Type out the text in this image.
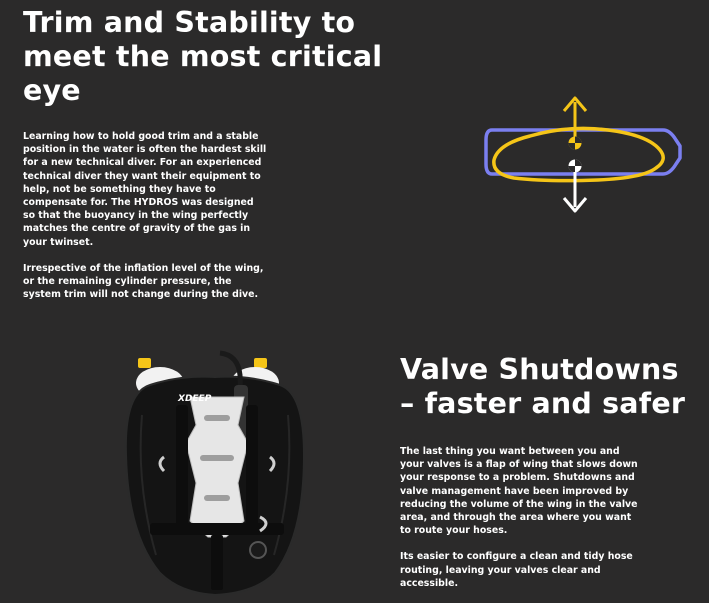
Trim and Stability to meet the most critical eye

Learning how to hold good trim and a stable position in the water is often the hardest skill for a new technical diver. For an experienced technical diver they want their equipment to help, not be something they have to compensate for. The HYDROS was designed so that the buoyancy in the wing perfectly matches the centre of gravity of the gas in your twinset.

Irrespective of the inflation level of the wing, or the remaining cylinder pressure, the system trim will not change during the dive.

XDEEP
Valve Shutdowns – faster and safer

The last thing you want between you and your valves is a flap of wing that slows down your response to a problem. Shutdowns and valve management have been improved by reducing the volume of the wing in the valve area, and through the area where you want to route your hoses.

Its easier to configure a clean and tidy hose routing, leaving your valves clear and accessible.
